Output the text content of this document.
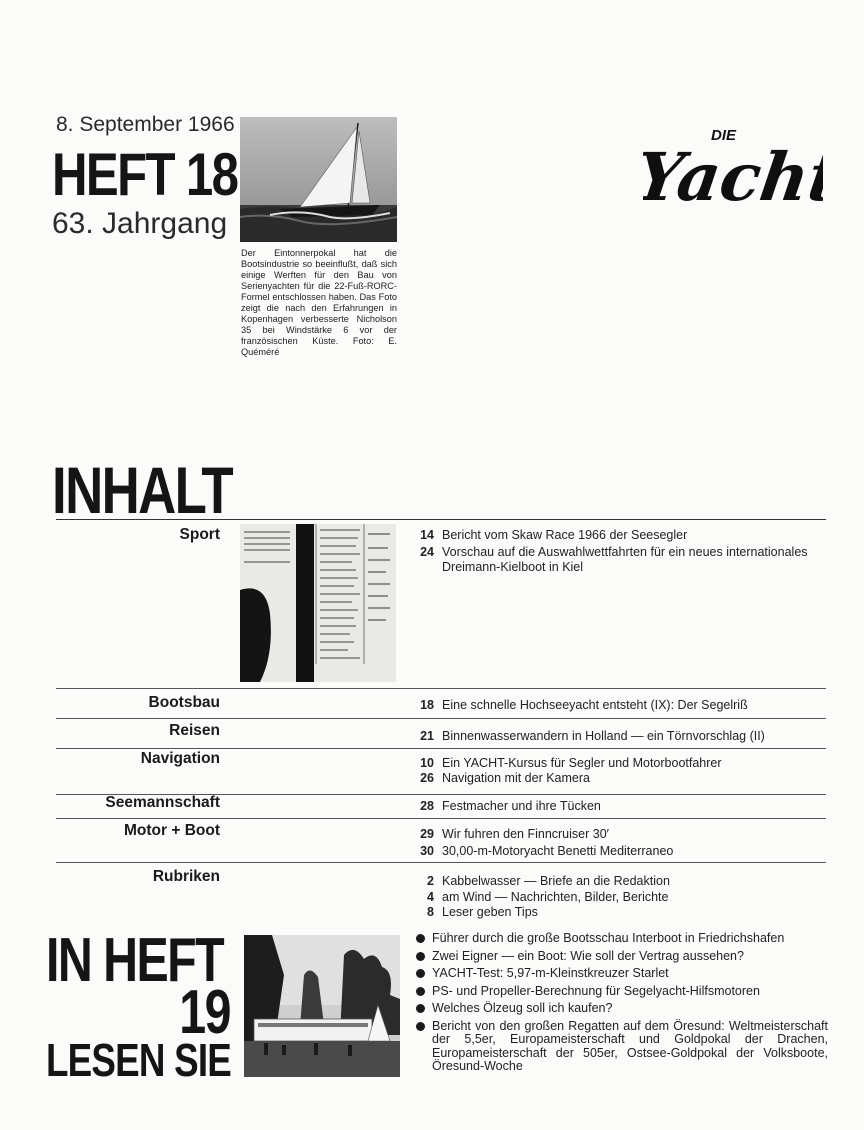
8. September 1966
HEFT 18
63. Jahrgang
Der Eintonnerpokal hat die Bootsindustrie so beeinflußt, daß sich einige Werften für den Bau von Serienyachten für die 22-Fuß-RORC-Formel entschlossen haben. Das Foto zeigt die nach den Erfahrungen in Kopenhagen verbesserte Nicholson 35 bei Windstärke 6 vor der französischen Küste. Foto: E. Quéméré
DIE
Yacht
INHALT
Sport	14 Bericht vom Skaw Race 1966 der Seesegler
24 Vorschau auf die Auswahlwettfahrten für ein neues internationales Dreimann-Kielboot in Kiel
Bootsbau	18 Eine schnelle Hochseeyacht entsteht (IX): Der Segelriß
Reisen	21 Binnenwasserwandern in Holland — ein Törnvorschlag (II)
Navigation	10 Ein YACHT-Kursus für Segler und Motorbootfahrer
26 Navigation mit der Kamera
Seemannschaft	28 Festmacher und ihre Tücken
Motor + Boot	29 Wir fuhren den Finncruiser 30′
30 30,00-m-Motoryacht Benetti Mediterraneo
Rubriken	2 Kabbelwasser — Briefe an die Redaktion
4 am Wind — Nachrichten, Bilder, Berichte
8 Leser geben Tips
IN HEFT
19
LESEN SIE
Führer durch die große Bootsschau Interboot in Friedrichshafen
Zwei Eigner — ein Boot: Wie soll der Vertrag aussehen?
YACHT-Test: 5,97-m-Kleinstkreuzer Starlet
PS- und Propeller-Berechnung für Segelyacht-Hilfsmotoren
Welches Ölzeug soll ich kaufen?
Bericht von den großen Regatten auf dem Öresund: Weltmeisterschaft der 5,5er, Europameisterschaft und Goldpokal der Drachen, Europameisterschaft der 505er, Ostsee-Goldpokal der Volksboote, Öresund-Woche
